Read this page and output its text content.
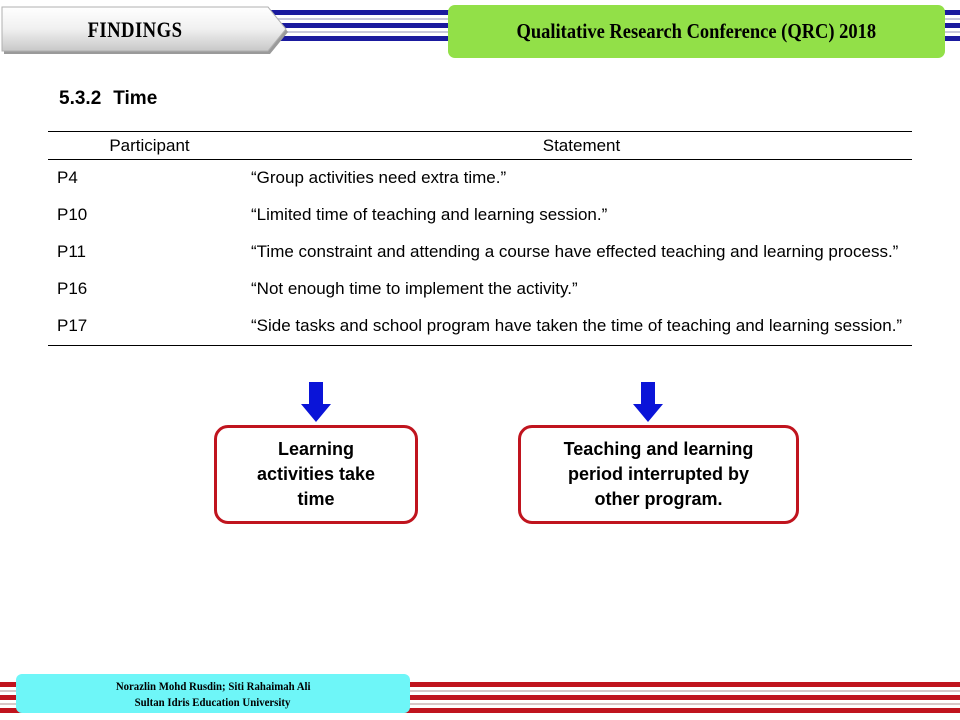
FINDINGS	Qualitative Research Conference (QRC) 2018
5.3.2 Time
Participant	Statement
P4	“Group activities need extra time.”
P10	“Limited time of teaching and learning session.”
P11	“Time constraint and attending a course have effected teaching and learning process.”
P16	“Not enough time to implement the activity.”
P17	“Side tasks and school program have taken the time of teaching and learning session.”
Learning
activities take
time
Teaching and learning
period interrupted by
other program.
Norazlin Mohd Rusdin; Siti Rahaimah Ali
Sultan Idris Education University
